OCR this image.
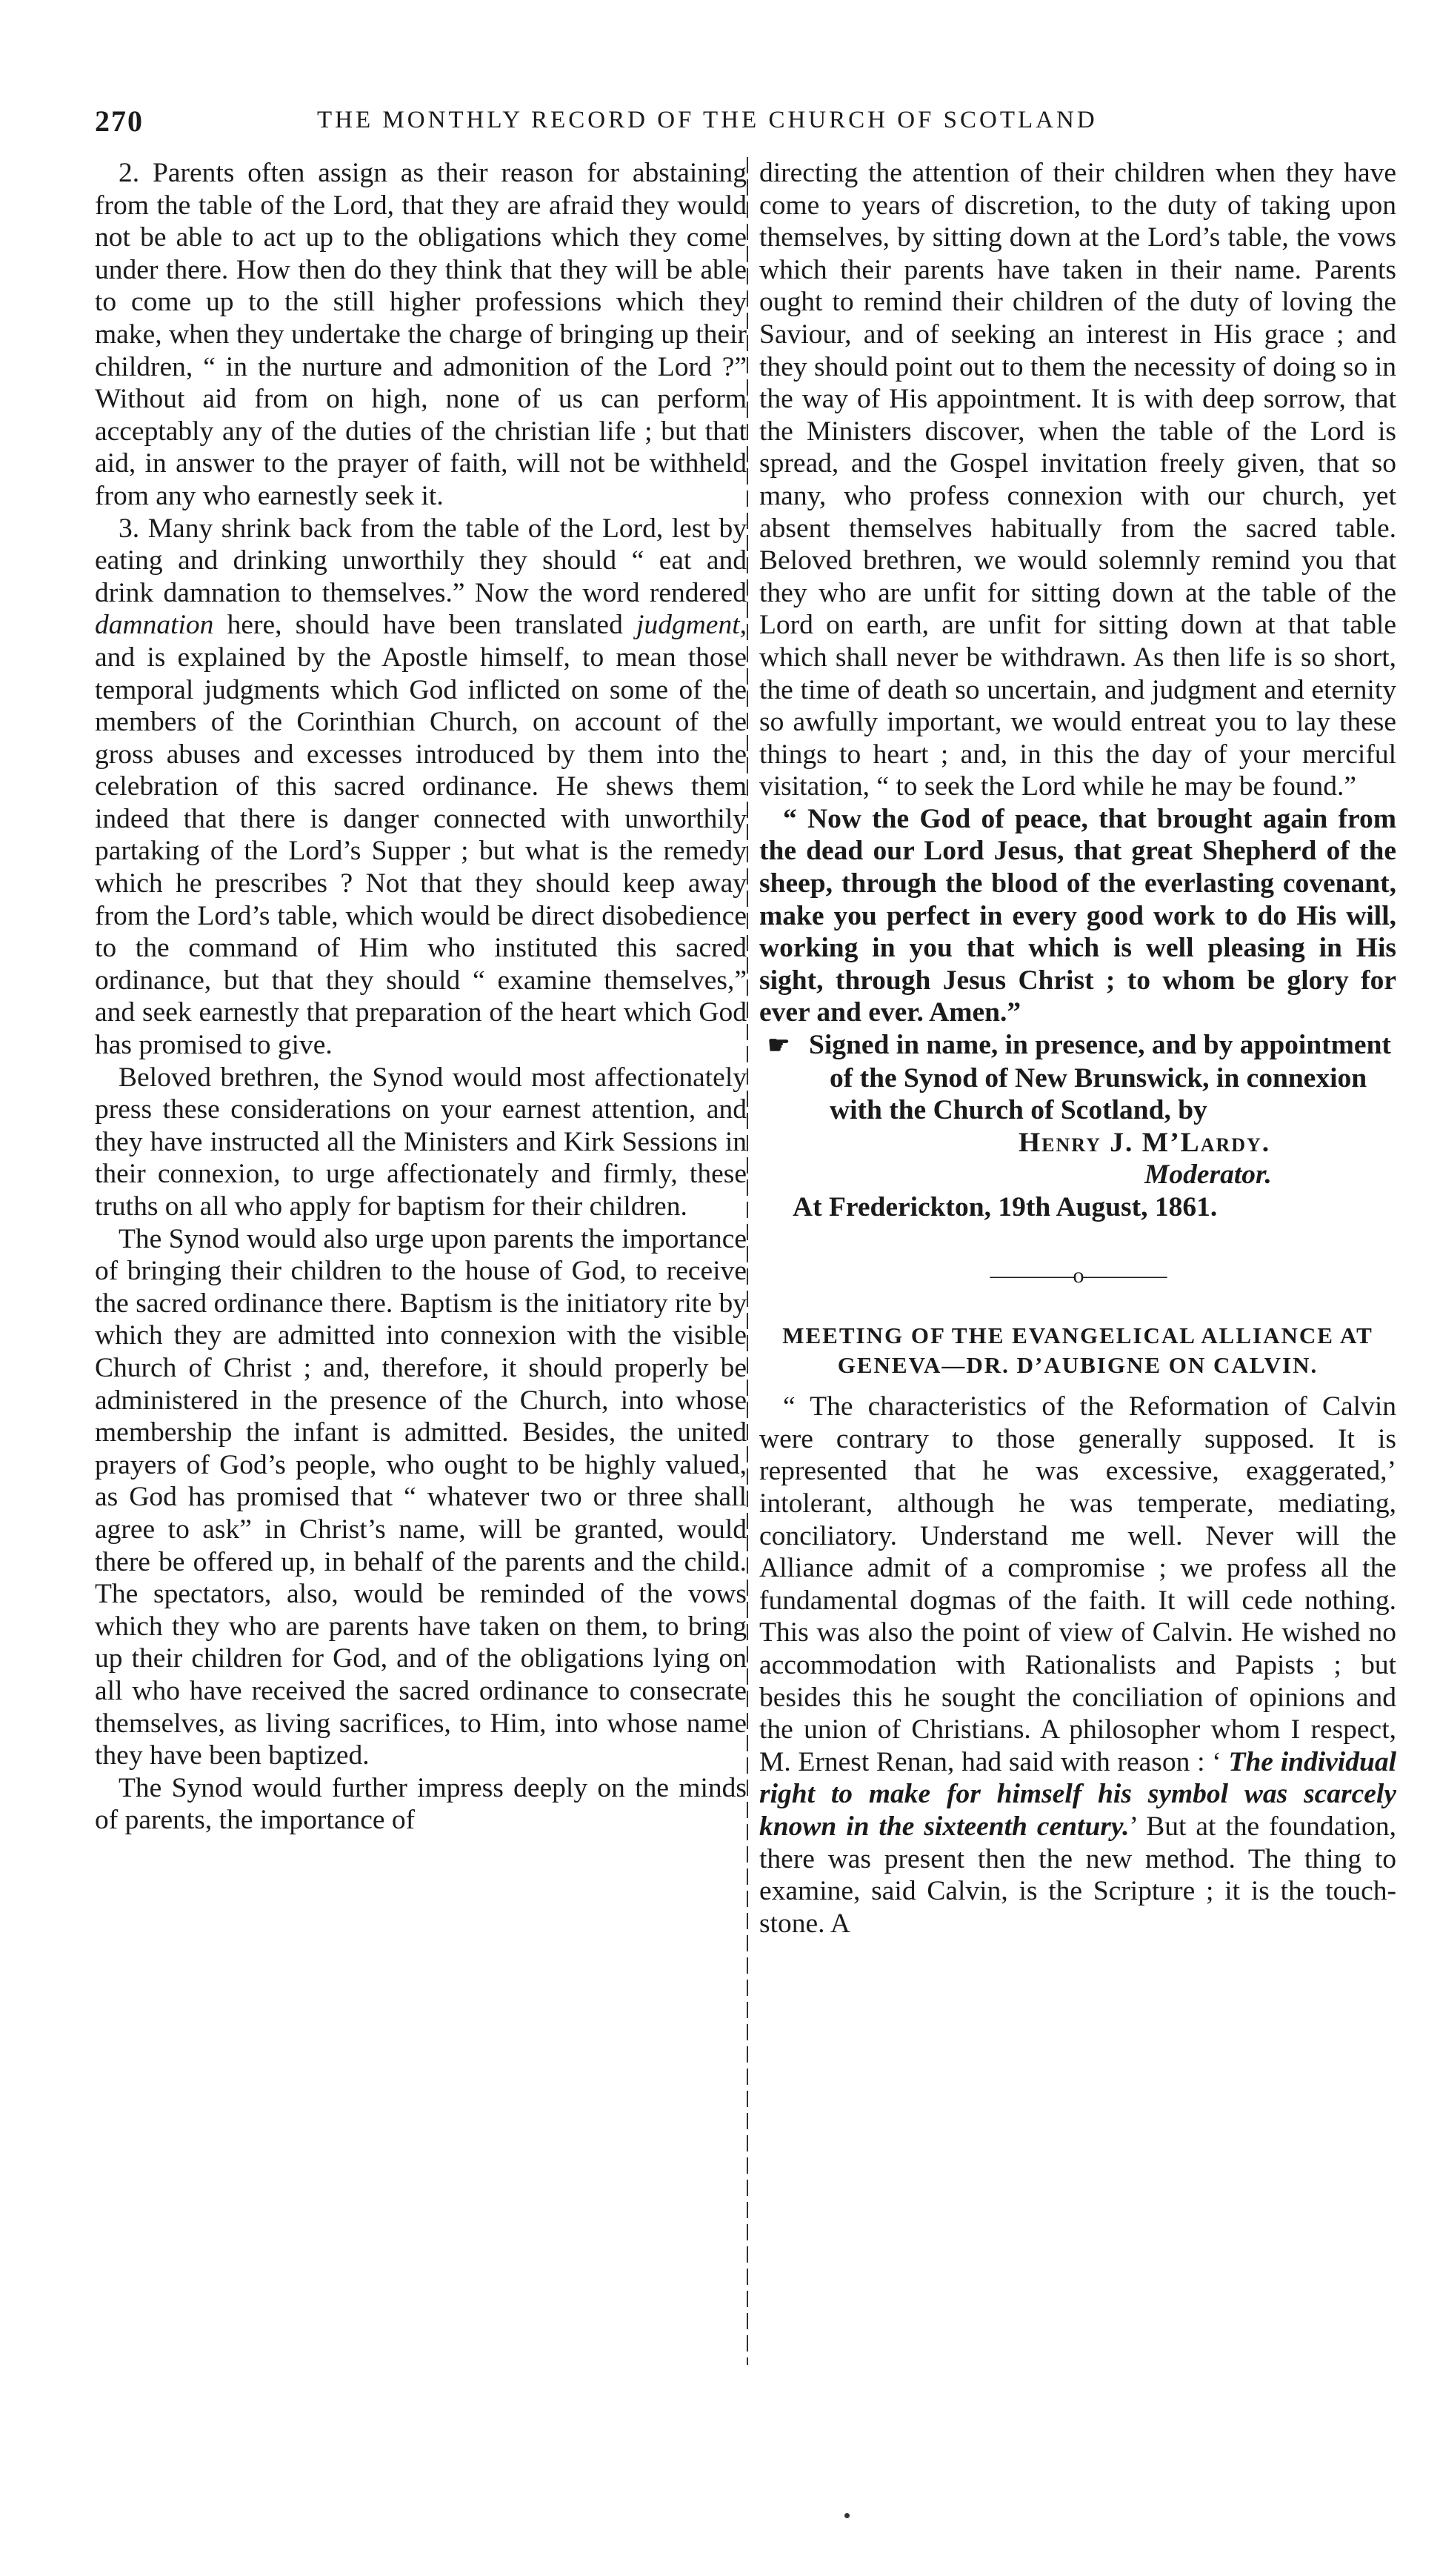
270	THE MONTHLY RECORD OF THE CHURCH OF SCOTLAND

2. Parents often assign as their reason for abstaining from the table of the Lord, that they are afraid they would not be able to act up to the obligations which they come under there. How then do they think that they will be able to come up to the still higher professions which they make, when they undertake the charge of bringing up their children, “ in the nurture and admonition of the Lord ?” Without aid from on high, none of us can perform acceptably any of the duties of the christian life ; but that aid, in answer to the prayer of faith, will not be withheld from any who earnestly seek it.

3. Many shrink back from the table of the Lord, lest by eating and drinking unworthily they should “ eat and drink damnation to themselves.” Now the word rendered damnation here, should have been translated judgment, and is explained by the Apostle himself, to mean those temporal judgments which God inflicted on some of the members of the Corinthian Church, on account of the gross abuses and excesses introduced by them into the celebration of this sacred ordinance. He shews them indeed that there is danger connected with unworthily partaking of the Lord’s Supper ; but what is the remedy which he prescribes ? Not that they should keep away from the Lord’s table, which would be direct disobedience to the command of Him who instituted this sacred ordinance, but that they should “ examine themselves,” and seek earnestly that preparation of the heart which God has promised to give.

Beloved brethren, the Synod would most affectionately press these considerations on your earnest attention, and they have instructed all the Ministers and Kirk Sessions in their connexion, to urge affectionately and firmly, these truths on all who apply for baptism for their children.

The Synod would also urge upon parents the importance of bringing their children to the house of God, to receive the sacred ordinance there. Baptism is the initiatory rite by which they are admitted into connexion with the visible Church of Christ ; and, therefore, it should properly be administered in the presence of the Church, into whose membership the infant is admitted. Besides, the united prayers of God’s people, who ought to be highly valued, as God has promised that “ whatever two or three shall agree to ask” in Christ’s name, will be granted, would there be offered up, in behalf of the parents and the child. The spectators, also, would be reminded of the vows which they who are parents have taken on them, to bring up their children for God, and of the obligations lying on all who have received the sacred ordinance to consecrate themselves, as living sacrifices, to Him, into whose name they have been baptized.

The Synod would further impress deeply on the minds of parents, the importance of

directing the attention of their children when they have come to years of discretion, to the duty of taking upon themselves, by sitting down at the Lord’s table, the vows which their parents have taken in their name. Parents ought to remind their children of the duty of loving the Saviour, and of seeking an interest in His grace ; and they should point out to them the necessity of doing so in the way of His appointment. It is with deep sorrow, that the Ministers discover, when the table of the Lord is spread, and the Gospel invitation freely given, that so many, who profess connexion with our church, yet absent themselves habitually from the sacred table. Beloved brethren, we would solemnly remind you that they who are unfit for sitting down at the table of the Lord on earth, are unfit for sitting down at that table which shall never be withdrawn. As then life is so short, the time of death so uncertain, and judgment and eternity so awfully important, we would entreat you to lay these things to heart ; and, in this the day of your merciful visitation, “ to seek the Lord while he may be found.”

“ Now the God of peace, that brought again from the dead our Lord Jesus, that great Shepherd of the sheep, through the blood of the everlasting covenant, make you perfect in every good work to do His will, working in you that which is well pleasing in His sight, through Jesus Christ ; to whom be glory for ever and ever. Amen.”

☛ Signed in name, in presence, and by appointment of the Synod of New Brunswick, in connexion with the Church of Scotland, by

Henry J. M’Lardy.

Moderator.

At Frederickton, 19th August, 1861.

————o————
MEETING OF THE EVANGELICAL ALLIANCE AT
GENEVA—DR. D’AUBIGNE ON CALVIN.

“ The characteristics of the Reformation of Calvin were contrary to those generally supposed. It is represented that he was excessive, exaggerated,’ intolerant, although he was temperate, mediating, conciliatory. Understand me well. Never will the Alliance admit of a compromise ; we profess all the fundamental dogmas of the faith. It will cede nothing. This was also the point of view of Calvin. He wished no accommodation with Rationalists and Papists ; but besides this he sought the conciliation of opinions and the union of Christians. A philosopher whom I respect, M. Ernest Renan, had said with reason : ‘ The individual right to make for himself his symbol was scarcely known in the sixteenth century.’ But at the foundation, there was present then the new method. The thing to examine, said Calvin, is the Scripture ; it is the touch-stone. A
